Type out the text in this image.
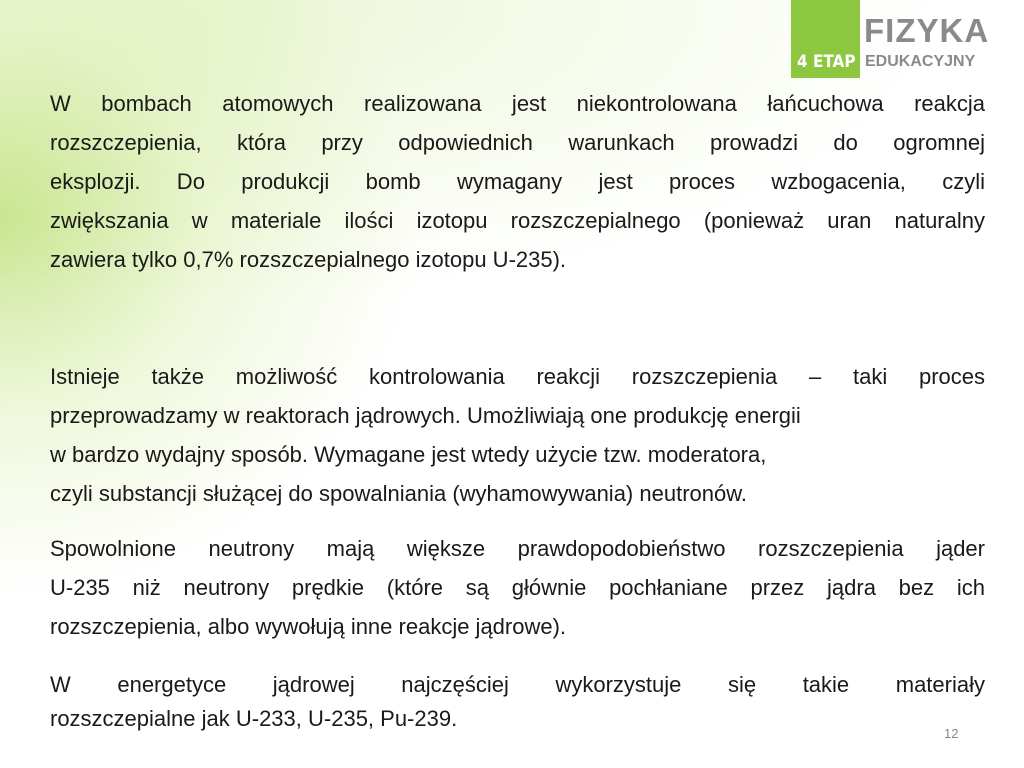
4 ETAP
FIZYKA
EDUKACYJNY
W bombach atomowych realizowana jest niekontrolowana łańcuchowa reakcja
rozszczepienia, która przy odpowiednich warunkach prowadzi do ogromnej
eksplozji. Do produkcji bomb wymagany jest proces wzbogacenia, czyli
zwiększania w materiale ilości izotopu rozszczepialnego (ponieważ uran naturalny
zawiera tylko 0,7% rozszczepialnego izotopu U-235).
Istnieje także możliwość kontrolowania reakcji rozszczepienia – taki proces
przeprowadzamy w reaktorach jądrowych. Umożliwiają one produkcję energii
w bardzo wydajny sposób. Wymagane jest wtedy użycie tzw. moderatora,
czyli substancji służącej do spowalniania (wyhamowywania) neutronów.
Spowolnione neutrony mają większe prawdopodobieństwo rozszczepienia jąder
U-235 niż neutrony prędkie (które są głównie pochłaniane przez jądra bez ich
rozszczepienia, albo wywołują inne reakcje jądrowe).
W energetyce jądrowej najczęściej wykorzystuje się takie materiały
rozszczepialne jak U-233, U-235, Pu-239.
12
